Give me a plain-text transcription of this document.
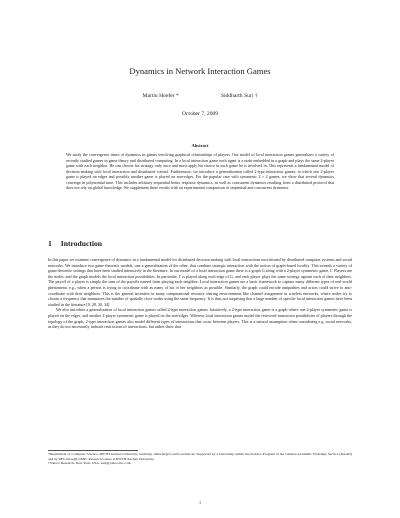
Dynamics in Network Interaction Games
Martin Hoefer *	Siddharth Suri †
October 7, 2009
Abstract
We study the convergence times of dynamics in games involving graphical relationships of players. Our model of local interaction games generalizes a variety of recently studied games in game theory and distributed computing. In a local interaction game each agent is a node embedded in a graph and plays the same 2-player game with each neighbor. He can choose his strategy only once and must apply his choice in each game he is involved in. This represents a fundamental model of decision making with local interaction and distributed control. Furthermore, we introduce a generalization called 2-type interaction games, in which one 2-player game is played on edges and possibly another game is played on non-edges. For the popular case with symmetric 2 × 2 games, we show that several dynamics converge in polynomial time. This includes arbitrary sequential better response dynamics, as well as concurrent dynamics resulting from a distributed protocol that does not rely on global knowledge. We supplement these results with an experimental comparison of sequential and concurrent dynamics.
1 Introduction

In this paper we examine convergence of dynamics in a fundamental model for distributed decision making with local interactions movitivated by distributed computer systems and social networks. We introduce two game-theoretic models, one a generalization of the other, that combine strategic interaction with the notion of graph-based locality. This extends a variety of game-theoretic settings that have been studied intensively in the literature. In our model of a local interaction game there is a graph G along with a 2-player symmetric game, Γ. Players are the nodes, and the graph models the local interaction possibilities. In particular, Γ is played along each edge of G, and each player plays the same strategy against each of their neighbors. The payoff of a player is simply the sum of the payoffs earned from playing each neighbor. Local interaction games are a basic framework to capture many different types of real-world phenomena, e.g., when a person is trying to coordinate with as many of his or her neighbors as possible. Similarly, the graph could encode antipathies and actors could strive to anti-coordinate with their neighbors. This is the general incentive in many computational resource sharing environments like channel assignment in wireless networks, where nodes try to choose a frequency that minimizes the number of spatially close nodes using the same frequency. It is thus not surprising that a large number of specific local interaction games have been studied in the literature [9, 28, 30, 34].

We also introduce a generalization of local interaction games called 2-type interaction games. Intuitively, a 2-type interaction game is a graph where one 2-player symmetric game is played on the edges, and another 2-player symmetric game is played on the non-edges. Whereas local interaction games model the restricted interaction possibilities of players through the topology of the graph, 2-type interaction games also model different types of interactions that occur between players. This is a natural assumption when considering e.g. social networks, as they do not necessarily indicate restrictions of interactions, but rather show that

*Department of Computer Science, RWTH Aachen University, Germany. mhoefer@cs.rwth-aachen.de. Supported by a fellowship within the Postdoc-Program of the German Academic Exchange Service (DAAD) and by DFG through UMIC Research Centre at RWTH Aachen University.

†Yahoo! Research, New York, USA. suri@yahoo-inc.com

1
